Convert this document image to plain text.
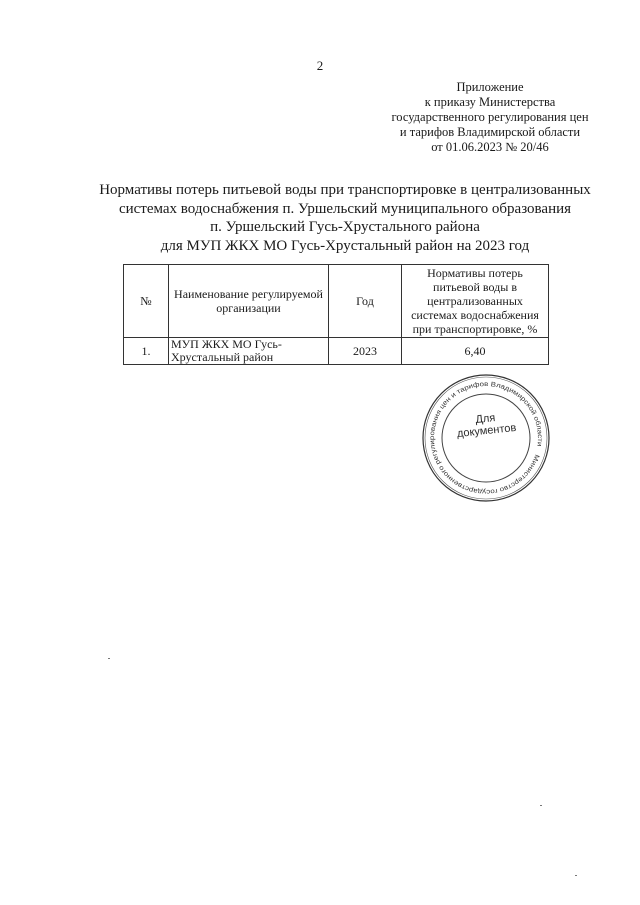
2
Приложение
к приказу Министерства
государственного регулирования цен
и тарифов Владимирской области
от 01.06.2023 № 20/46
Нормативы потерь питьевой воды при транспортировке в централизованных
системах водоснабжения п. Уршельский муниципального образования
п. Уршельский Гусь-Хрустального района
для МУП ЖКХ МО Гусь-Хрустальный район на 2023 год
№	Наименование регулируемой организации	Год	Нормативы потерь питьевой воды в централизованных системах водоснабжения при транспортировке, %
1.	МУП ЖКХ МО Гусь-Хрустальный район	2023	6,40
Министерство государственного регулирования цен и тарифов Владимирской области
Для
документов
